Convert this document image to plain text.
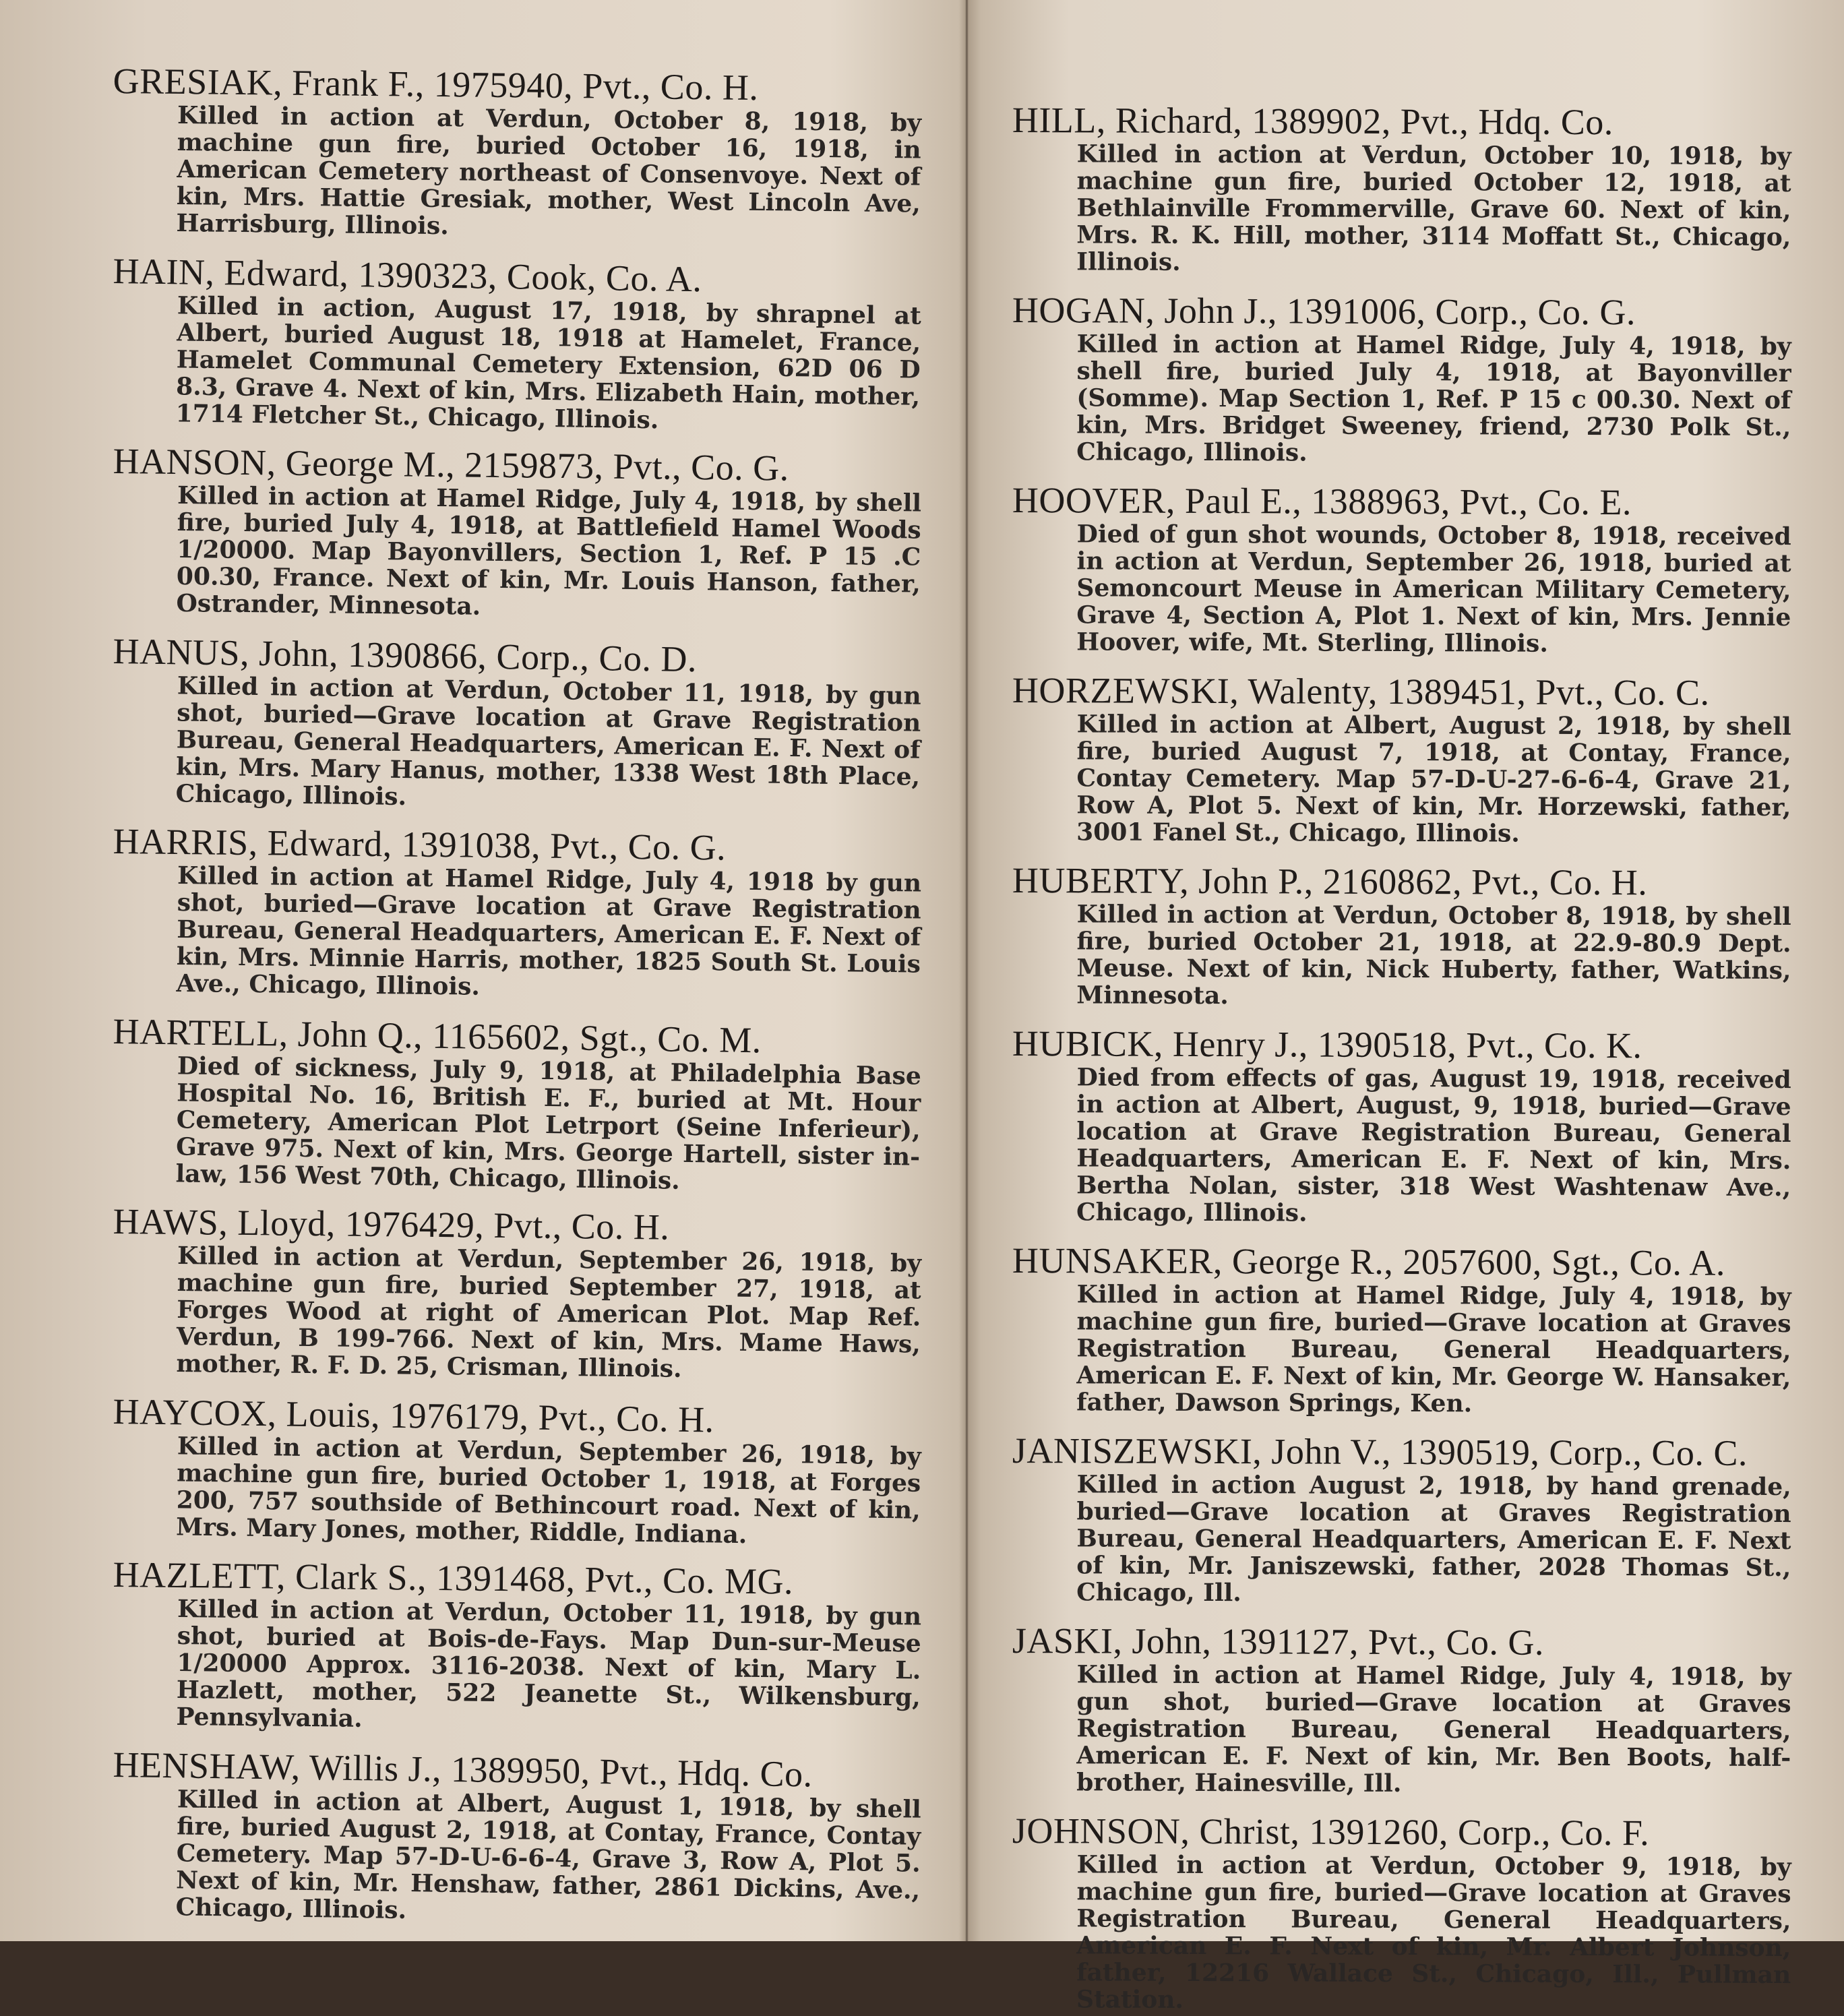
GRESIAK, Frank F., 1975940, Pvt., Co. H.
Killed in action at Verdun, October 8, 1918, by machine gun fire, buried October 16, 1918, in American Cemetery northeast of Consenvoye. Next of kin, Mrs. Hattie Gresiak, mother, West Lincoln Ave, Harrisburg, Illinois.
HAIN, Edward, 1390323, Cook, Co. A.
Killed in action, August 17, 1918, by shrapnel at Albert, buried August 18, 1918 at Hamelet, France, Hamelet Communal Cemetery Extension, 62D 06 D 8.3, Grave 4. Next of kin, Mrs. Elizabeth Hain, mother, 1714 Fletcher St., Chicago, Illinois.
HANSON, George M., 2159873, Pvt., Co. G.
Killed in action at Hamel Ridge, July 4, 1918, by shell fire, buried July 4, 1918, at Battlefield Hamel Woods 1/20000. Map Bayonvillers, Section 1, Ref. P 15 .C 00.30, France. Next of kin, Mr. Louis Hanson, father, Ostrander, Minnesota.
HANUS, John, 1390866, Corp., Co. D.
Killed in action at Verdun, October 11, 1918, by gun shot, buried—Grave location at Grave Registration Bureau, General Headquarters, American E. F. Next of kin, Mrs. Mary Hanus, mother, 1338 West 18th Place, Chicago, Illinois.
HARRIS, Edward, 1391038, Pvt., Co. G.
Killed in action at Hamel Ridge, July 4, 1918 by gun shot, buried—Grave location at Grave Registration Bureau, General Headquarters, American E. F. Next of kin, Mrs. Minnie Harris, mother, 1825 South St. Louis Ave., Chicago, Illinois.
HARTELL, John Q., 1165602, Sgt., Co. M.
Died of sickness, July 9, 1918, at Philadelphia Base Hospital No. 16, British E. F., buried at Mt. Hour Cemetery, American Plot Letrport (Seine Inferieur), Grave 975. Next of kin, Mrs. George Hartell, sister in-law, 156 West 70th, Chicago, Illinois.
HAWS, Lloyd, 1976429, Pvt., Co. H.
Killed in action at Verdun, September 26, 1918, by machine gun fire, buried September 27, 1918, at Forges Wood at right of American Plot. Map Ref. Verdun, B 199-766. Next of kin, Mrs. Mame Haws, mother, R. F. D. 25, Crisman, Illinois.
HAYCOX, Louis, 1976179, Pvt., Co. H.
Killed in action at Verdun, September 26, 1918, by machine gun fire, buried October 1, 1918, at Forges 200, 757 southside of Bethincourt road. Next of kin, Mrs. Mary Jones, mother, Riddle, Indiana.
HAZLETT, Clark S., 1391468, Pvt., Co. MG.
Killed in action at Verdun, October 11, 1918, by gun shot, buried at Bois-de-Fays. Map Dun-sur-Meuse 1/20000 Approx. 3116-2038. Next of kin, Mary L. Hazlett, mother, 522 Jeanette St., Wilkensburg, Pennsylvania.
HENSHAW, Willis J., 1389950, Pvt., Hdq. Co.
Killed in action at Albert, August 1, 1918, by shell fire, buried August 2, 1918, at Contay, France, Contay Cemetery. Map 57-D-U-6-6-4, Grave 3, Row A, Plot 5. Next of kin, Mr. Henshaw, father, 2861 Dickins, Ave., Chicago, Illinois.
HILL, Richard, 1389902, Pvt., Hdq. Co.
Killed in action at Verdun, October 10, 1918, by machine gun fire, buried October 12, 1918, at Bethlainville Frommerville, Grave 60. Next of kin, Mrs. R. K. Hill, mother, 3114 Moffatt St., Chicago, Illinois.
HOGAN, John J., 1391006, Corp., Co. G.
Killed in action at Hamel Ridge, July 4, 1918, by shell fire, buried July 4, 1918, at Bayonviller (Somme). Map Section 1, Ref. P 15 c 00.30. Next of kin, Mrs. Bridget Sweeney, friend, 2730 Polk St., Chicago, Illinois.
HOOVER, Paul E., 1388963, Pvt., Co. E.
Died of gun shot wounds, October 8, 1918, received in action at Verdun, September 26, 1918, buried at Semoncourt Meuse in American Military Cemetery, Grave 4, Section A, Plot 1. Next of kin, Mrs. Jennie Hoover, wife, Mt. Sterling, Illinois.
HORZEWSKI, Walenty, 1389451, Pvt., Co. C.
Killed in action at Albert, August 2, 1918, by shell fire, buried August 7, 1918, at Contay, France, Contay Cemetery. Map 57-D-U-27-6-6-4, Grave 21, Row A, Plot 5. Next of kin, Mr. Horzewski, father, 3001 Fanel St., Chicago, Illinois.
HUBERTY, John P., 2160862, Pvt., Co. H.
Killed in action at Verdun, October 8, 1918, by shell fire, buried October 21, 1918, at 22.9-80.9 Dept. Meuse. Next of kin, Nick Huberty, father, Watkins, Minnesota.
HUBICK, Henry J., 1390518, Pvt., Co. K.
Died from effects of gas, August 19, 1918, received in action at Albert, August, 9, 1918, buried—Grave location at Grave Registration Bureau, General Headquarters, American E. F. Next of kin, Mrs. Bertha Nolan, sister, 318 West Washtenaw Ave., Chicago, Illinois.
HUNSAKER, George R., 2057600, Sgt., Co. A.
Killed in action at Hamel Ridge, July 4, 1918, by machine gun fire, buried—Grave location at Graves Registration Bureau, General Headquarters, American E. F. Next of kin, Mr. George W. Hansaker, father, Dawson Springs, Ken.
JANISZEWSKI, John V., 1390519, Corp., Co. C.
Killed in action August 2, 1918, by hand grenade, buried—Grave location at Graves Registration Bureau, General Headquarters, American E. F. Next of kin, Mr. Janiszewski, father, 2028 Thomas St., Chicago, Ill.
JASKI, John, 1391127, Pvt., Co. G.
Killed in action at Hamel Ridge, July 4, 1918, by gun shot, buried—Grave location at Graves Registration Bureau, General Headquarters, American E. F. Next of kin, Mr. Ben Boots, half-brother, Hainesville, Ill.
JOHNSON, Christ, 1391260, Corp., Co. F.
Killed in action at Verdun, October 9, 1918, by machine gun fire, buried—Grave location at Graves Registration Bureau, General Headquarters, American E. F. Next of kin, Mr. Albert Johnson, father, 12216 Wallace St., Chicago, Ill., Pullman Station.
